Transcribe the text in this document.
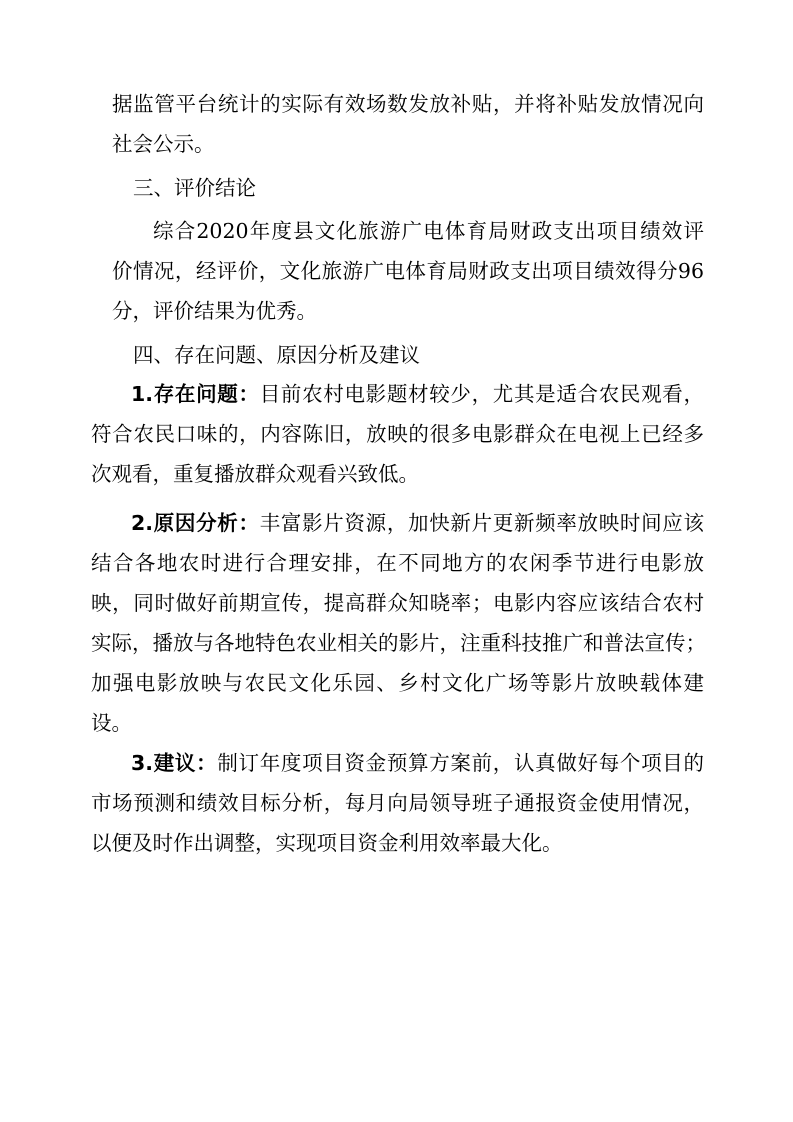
据监管平台统计的实际有效场数发放补贴，并将补贴发放情况向
社会公示。
三、评价结论
综合2020年度县文化旅游广电体育局财政支出项目绩效评
价情况，经评价，文化旅游广电体育局财政支出项目绩效得分96
分，评价结果为优秀。
四、存在问题、原因分析及建议
1.存在问题：目前农村电影题材较少，尤其是适合农民观看，
符合农民口味的，内容陈旧，放映的很多电影群众在电视上已经多
次观看，重复播放群众观看兴致低。
2.原因分析：丰富影片资源，加快新片更新频率放映时间应该
结合各地农时进行合理安排，在不同地方的农闲季节进行电影放
映，同时做好前期宣传，提高群众知晓率；电影内容应该结合农村
实际，播放与各地特色农业相关的影片，注重科技推广和普法宣传；
加强电影放映与农民文化乐园、乡村文化广场等影片放映载体建
设。
3.建议：制订年度项目资金预算方案前，认真做好每个项目的
市场预测和绩效目标分析，每月向局领导班子通报资金使用情况，
以便及时作出调整，实现项目资金利用效率最大化。
